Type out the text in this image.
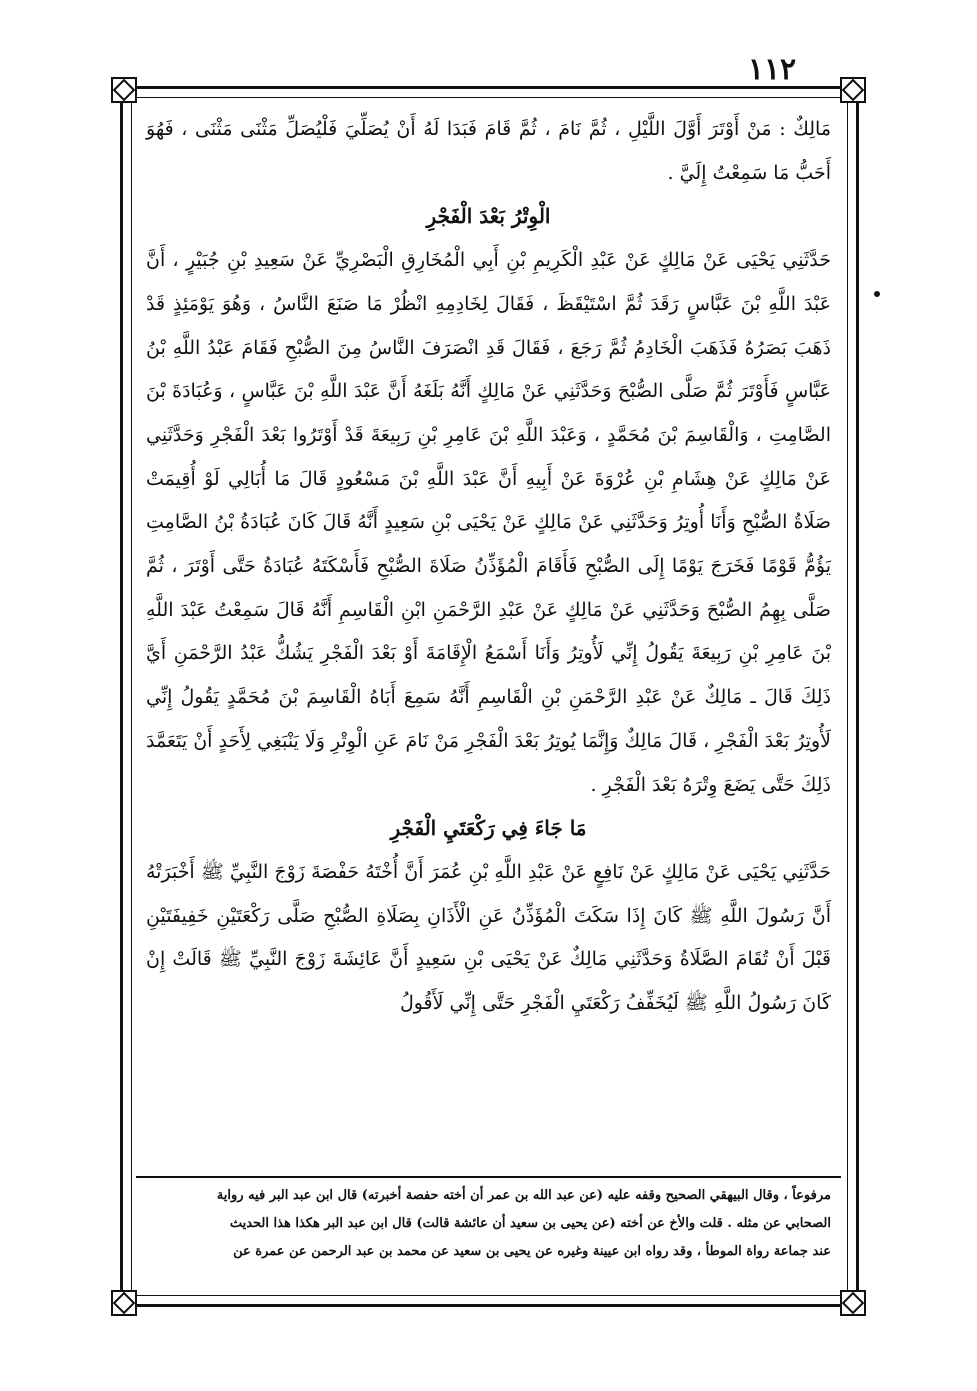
١١٢

مَالِكٌ : مَنْ أَوْتَرَ أَوَّلَ اللَّيْلِ ، ثُمَّ نَامَ ، ثُمَّ قَامَ فَبَدَا لَهُ أَنْ يُصَلِّيَ فَلْيُصَلِّ مَثْنَى مَثْنَى ، فَهُوَ أَحَبُّ مَا سَمِعْتُ إِلَيَّ .

الْوِتْرُ بَعْدَ الْفَجْرِ

حَدَّثَنِي يَحْيَى عَنْ مَالِكٍ عَنْ عَبْدِ الْكَرِيمِ بْنِ أَبِي الْمُخَارِقِ الْبَصْرِيِّ عَنْ سَعِيدِ بْنِ جُبَيْرٍ ، أَنَّ عَبْدَ اللَّهِ بْنَ عَبَّاسٍ رَقَدَ ثُمَّ اسْتَيْقَظَ ، فَقَالَ لِخَادِمِهِ انْظُرْ مَا صَنَعَ النَّاسُ ، وَهُوَ يَوْمَئِذٍ قَدْ ذَهَبَ بَصَرُهُ فَذَهَبَ الْخَادِمُ ثُمَّ رَجَعَ ، فَقَالَ قَدِ انْصَرَفَ النَّاسُ مِنَ الصُّبْحِ فَقَامَ عَبْدُ اللَّهِ بْنُ عَبَّاسٍ فَأَوْتَرَ ثُمَّ صَلَّى الصُّبْحَ وَحَدَّثَنِي عَنْ مَالِكٍ أَنَّهُ بَلَغَهُ أَنَّ عَبْدَ اللَّهِ بْنَ عَبَّاسٍ ، وَعُبَادَةَ بْنَ الصَّامِتِ ، وَالْقَاسِمَ بْنَ مُحَمَّدٍ ، وَعَبْدَ اللَّهِ بْنَ عَامِرِ بْنِ رَبِيعَةَ قَدْ أَوْتَرُوا بَعْدَ الْفَجْرِ وَحَدَّثَنِي عَنْ مَالِكٍ عَنْ هِشَامِ بْنِ عُرْوَةَ عَنْ أَبِيهِ أَنَّ عَبْدَ اللَّهِ بْنَ مَسْعُودٍ قَالَ مَا أُبَالِي لَوْ أُقِيمَتْ صَلَاةُ الصُّبْحِ وَأَنَا أُوتِرُ وَحَدَّثَنِي عَنْ مَالِكٍ عَنْ يَحْيَى بْنِ سَعِيدٍ أَنَّهُ قَالَ كَانَ عُبَادَةُ بْنُ الصَّامِتِ يَؤُمُّ قَوْمًا فَخَرَجَ يَوْمًا إِلَى الصُّبْحِ فَأَقَامَ الْمُؤَذِّنُ صَلَاةَ الصُّبْحِ فَأَسْكَتَهُ عُبَادَةُ حَتَّى أَوْتَرَ ، ثُمَّ صَلَّى بِهِمُ الصُّبْحَ وَحَدَّثَنِي عَنْ مَالِكٍ عَنْ عَبْدِ الرَّحْمَنِ ابْنِ الْقَاسِمِ أَنَّهُ قَالَ سَمِعْتُ عَبْدَ اللَّهِ بْنَ عَامِرِ بْنِ رَبِيعَةَ يَقُولُ إِنِّي لَأُوتِرُ وَأَنَا أَسْمَعُ الْإِقَامَةَ أَوْ بَعْدَ الْفَجْرِ يَشُكُّ عَبْدُ الرَّحْمَنِ أَيَّ ذَلِكَ قَالَ ـ مَالِكٌ عَنْ عَبْدِ الرَّحْمَنِ بْنِ الْقَاسِمِ أَنَّهُ سَمِعَ أَبَاهُ الْقَاسِمَ بْنَ مُحَمَّدٍ يَقُولُ إِنِّي لَأُوتِرُ بَعْدَ الْفَجْرِ ، قَالَ مَالِكٌ وَإِنَّمَا يُوتِرُ بَعْدَ الْفَجْرِ مَنْ نَامَ عَنِ الْوِتْرِ وَلَا يَنْبَغِي لِأَحَدٍ أَنْ يَتَعَمَّدَ ذَلِكَ حَتَّى يَضَعَ وِتْرَهُ بَعْدَ الْفَجْرِ .

مَا جَاءَ فِي رَكْعَتَيِ الْفَجْرِ

حَدَّثَنِي يَحْيَى عَنْ مَالِكٍ عَنْ نَافِعٍ عَنْ عَبْدِ اللَّهِ بْنِ عُمَرَ أَنَّ أُخْتَهُ حَفْصَةَ زَوْجَ النَّبِيِّ ﷺ أَخْبَرَتْهُ أَنَّ رَسُولَ اللَّهِ ﷺ كَانَ إِذَا سَكَتَ الْمُؤَذِّنُ عَنِ الْأَذَانِ بِصَلَاةِ الصُّبْحِ صَلَّى رَكْعَتَيْنِ خَفِيفَتَيْنِ قَبْلَ أَنْ تُقَامَ الصَّلَاةُ وَحَدَّثَنِي مَالِكٌ عَنْ يَحْيَى بْنِ سَعِيدٍ أَنَّ عَائِشَةَ زَوْجَ النَّبِيِّ ﷺ قَالَتْ إِنْ كَانَ رَسُولُ اللَّهِ ﷺ لَيُخَفِّفُ رَكْعَتَيِ الْفَجْرِ حَتَّى إِنِّي لَأَقُولُ

مرفوعاً ، وقال البيهقي الصحيح وقفه عليه (عن عبد الله بن عمر أن أخته حفصة أخبرته) قال ابن عبد البر فيه رواية

الصحابي عن مثله . قلت والأخ عن أخته (عن يحيى بن سعيد أن عائشة قالت) قال ابن عبد البر هكذا هذا الحديث

عند جماعة رواة الموطأ ، وقد رواه ابن عيينة وغيره عن يحيى بن سعيد عن محمد بن عبد الرحمن عن عمرة عن
